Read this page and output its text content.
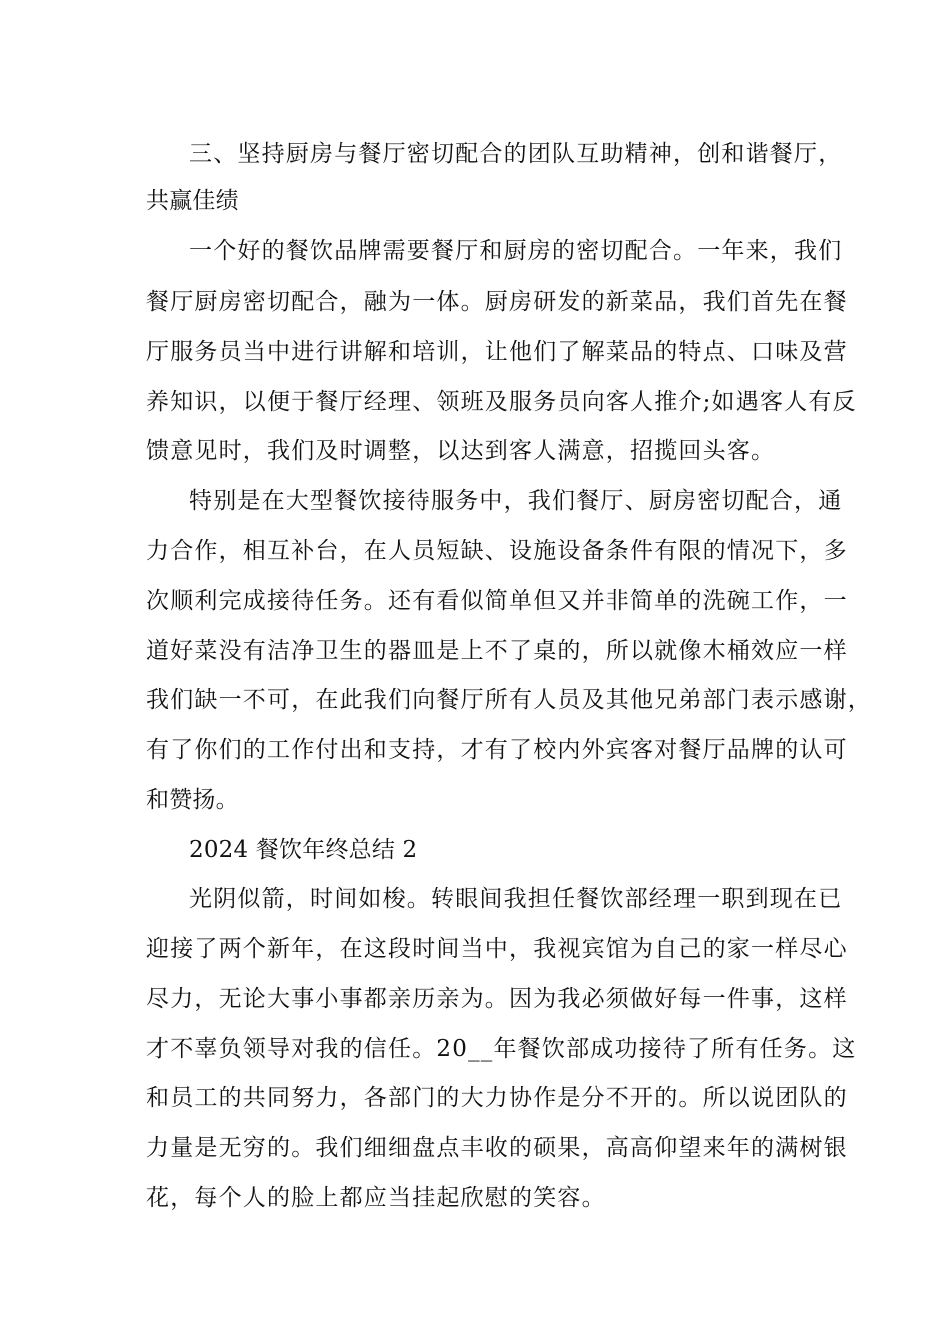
三、坚持厨房与餐厅密切配合的团队互助精神，创和谐餐厅，
共赢佳绩
一个好的餐饮品牌需要餐厅和厨房的密切配合。一年来，我们
餐厅厨房密切配合，融为一体。厨房研发的新菜品，我们首先在餐
厅服务员当中进行讲解和培训，让他们了解菜品的特点、口味及营
养知识，以便于餐厅经理、领班及服务员向客人推介;如遇客人有反
馈意见时，我们及时调整，以达到客人满意，招揽回头客。
特别是在大型餐饮接待服务中，我们餐厅、厨房密切配合，通
力合作，相互补台，在人员短缺、设施设备条件有限的情况下，多
次顺利完成接待任务。还有看似简单但又并非简单的洗碗工作，一
道好菜没有洁净卫生的器皿是上不了桌的，所以就像木桶效应一样
我们缺一不可，在此我们向餐厅所有人员及其他兄弟部门表示感谢，
有了你们的工作付出和支持，才有了校内外宾客对餐厅品牌的认可
和赞扬。
2024 餐饮年终总结 2
光阴似箭，时间如梭。转眼间我担任餐饮部经理一职到现在已
迎接了两个新年，在这段时间当中，我视宾馆为自己的家一样尽心
尽力，无论大事小事都亲历亲为。因为我必须做好每一件事，这样
才不辜负领导对我的信任。20__年餐饮部成功接待了所有任务。这
和员工的共同努力，各部门的大力协作是分不开的。所以说团队的
力量是无穷的。我们细细盘点丰收的硕果，高高仰望来年的满树银
花，每个人的脸上都应当挂起欣慰的笑容。
